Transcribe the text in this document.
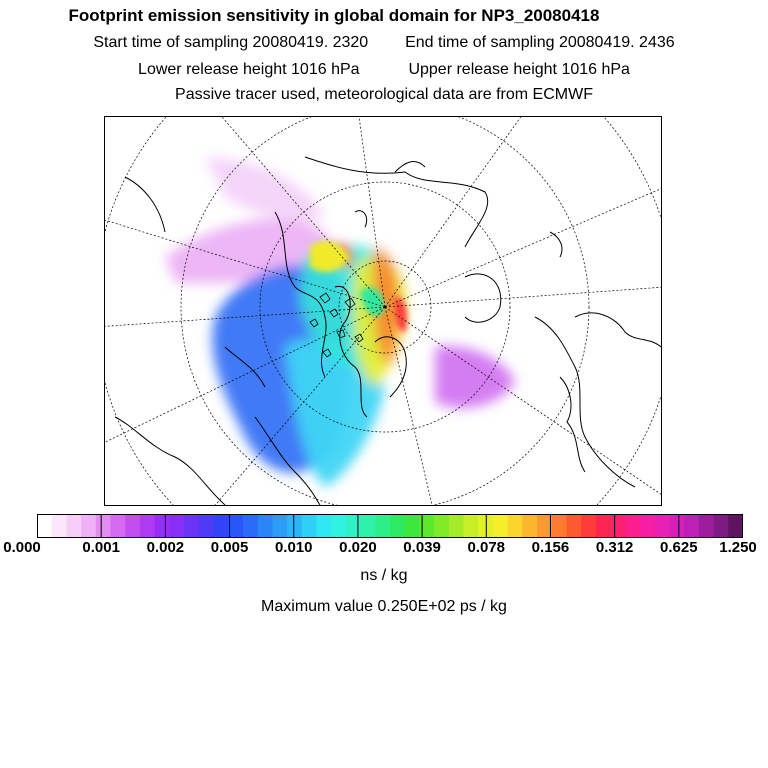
Footprint emission sensitivity in global domain for NP3_20080418
Start time of sampling 20080419. 2320 End time of sampling 20080419. 2436
Lower release height 1016 hPa	Upper release height 1016 hPa
Passive tracer used, meteorological data are from ECMWF
0.000	0.001 0.002 0.005 0.010 0.020 0.039 0.078 0.156 0.312 0.625 1.250
ns / kg
Maximum value 0.250E+02 ps / kg
